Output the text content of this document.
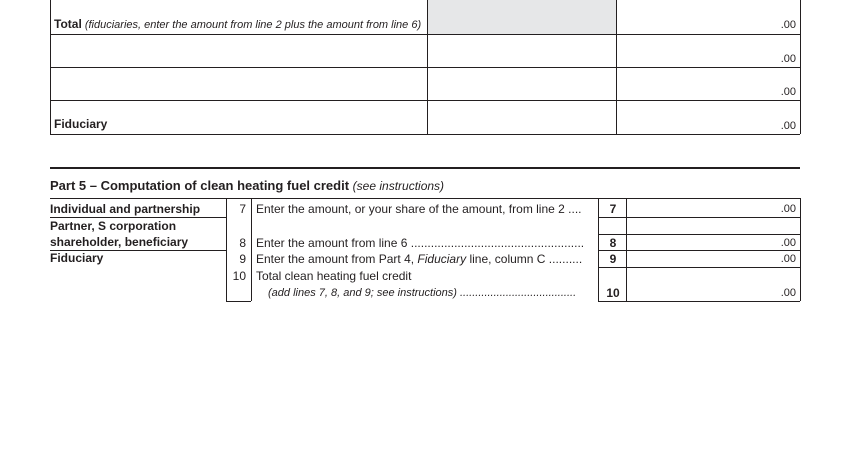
Total (fiduciaries, enter the amount from line 2 plus the amount from line 6)	.00
.00
.00
Fiduciary	.00
Part 5 – Computation of clean heating fuel credit (see instructions)
Individual and partnership
Partner, S corporation
shareholder, beneficiary
Fiduciary
7 Enter the amount, or your share of the amount, from line 2 ....
8 Enter the amount from line 6 ....................................................
9 Enter the amount from Part 4, Fiduciary line, column C ..........
10 Total clean heating fuel credit
(add lines 7, 8, and 9; see instructions) ......................................
7
8
9
10
.00
.00
.00
.00
